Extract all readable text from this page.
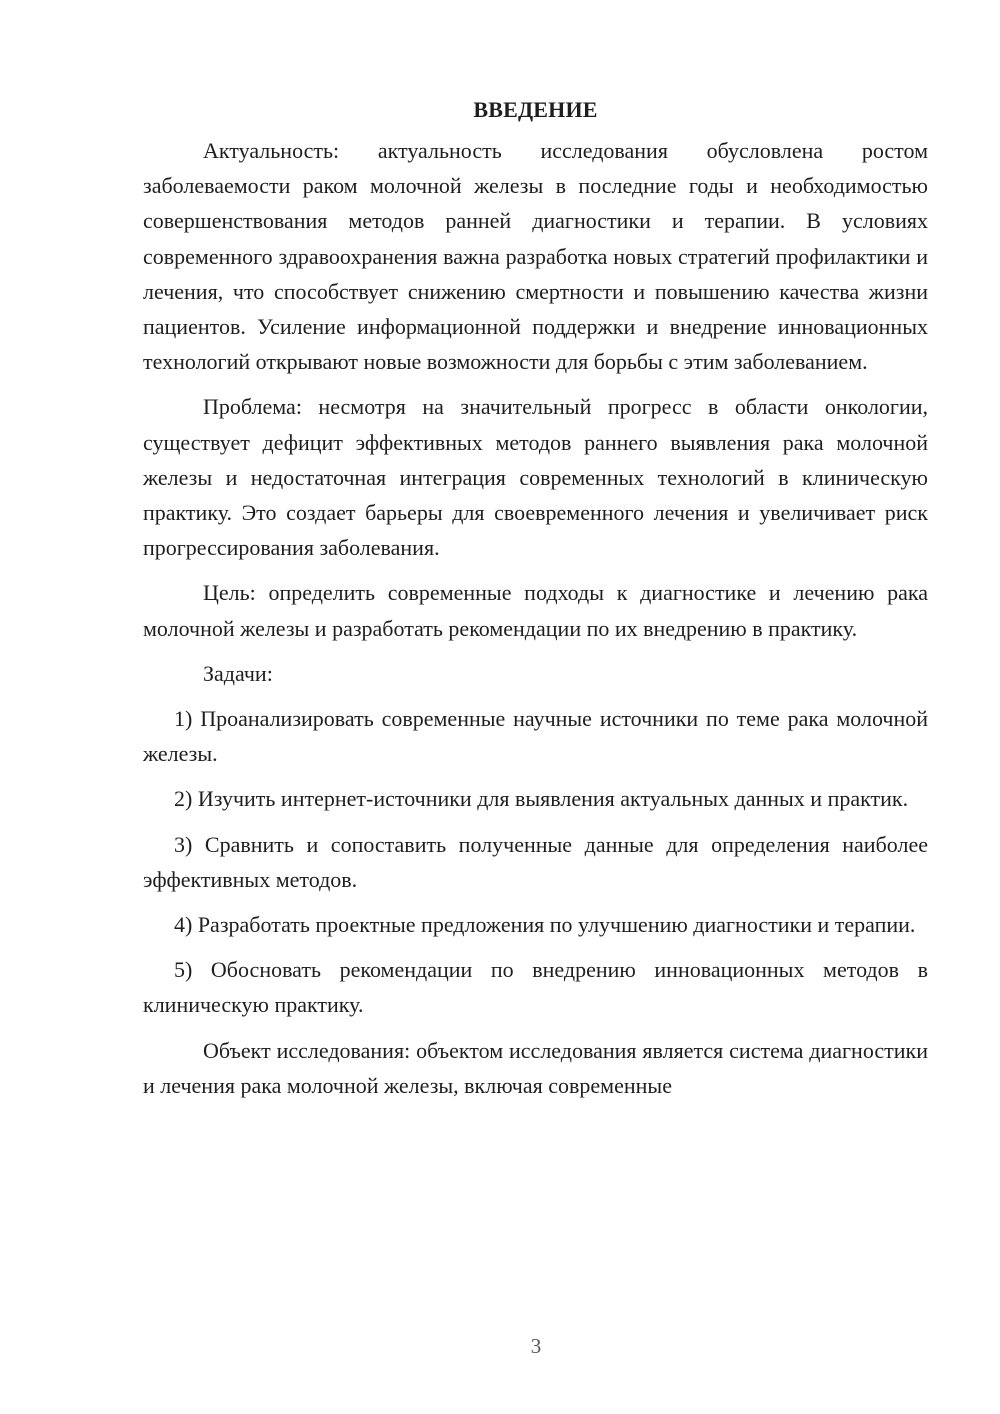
ВВЕДЕНИЕ

Актуальность: актуальность исследования обусловлена ростом заболеваемости раком молочной железы в последние годы и необходимостью совершенствования методов ранней диагностики и терапии. В условиях современного здравоохранения важна разработка новых стратегий профилактики и лечения, что способствует снижению смертности и повышению качества жизни пациентов. Усиление информационной поддержки и внедрение инновационных технологий открывают новые возможности для борьбы с этим заболеванием.

Проблема: несмотря на значительный прогресс в области онкологии, существует дефицит эффективных методов раннего выявления рака молочной железы и недостаточная интеграция современных технологий в клиническую практику. Это создает барьеры для своевременного лечения и увеличивает риск прогрессирования заболевания.

Цель: определить современные подходы к диагностике и лечению рака молочной железы и разработать рекомендации по их внедрению в практику.

Задачи:

1) Проанализировать современные научные источники по теме рака молочной железы.

2) Изучить интернет-источники для выявления актуальных данных и практик.

3) Сравнить и сопоставить полученные данные для определения наиболее эффективных методов.

4) Разработать проектные предложения по улучшению диагностики и терапии.

5) Обосновать рекомендации по внедрению инновационных методов в клиническую практику.

Объект исследования: объектом исследования является система диагностики и лечения рака молочной железы, включая современные

3
